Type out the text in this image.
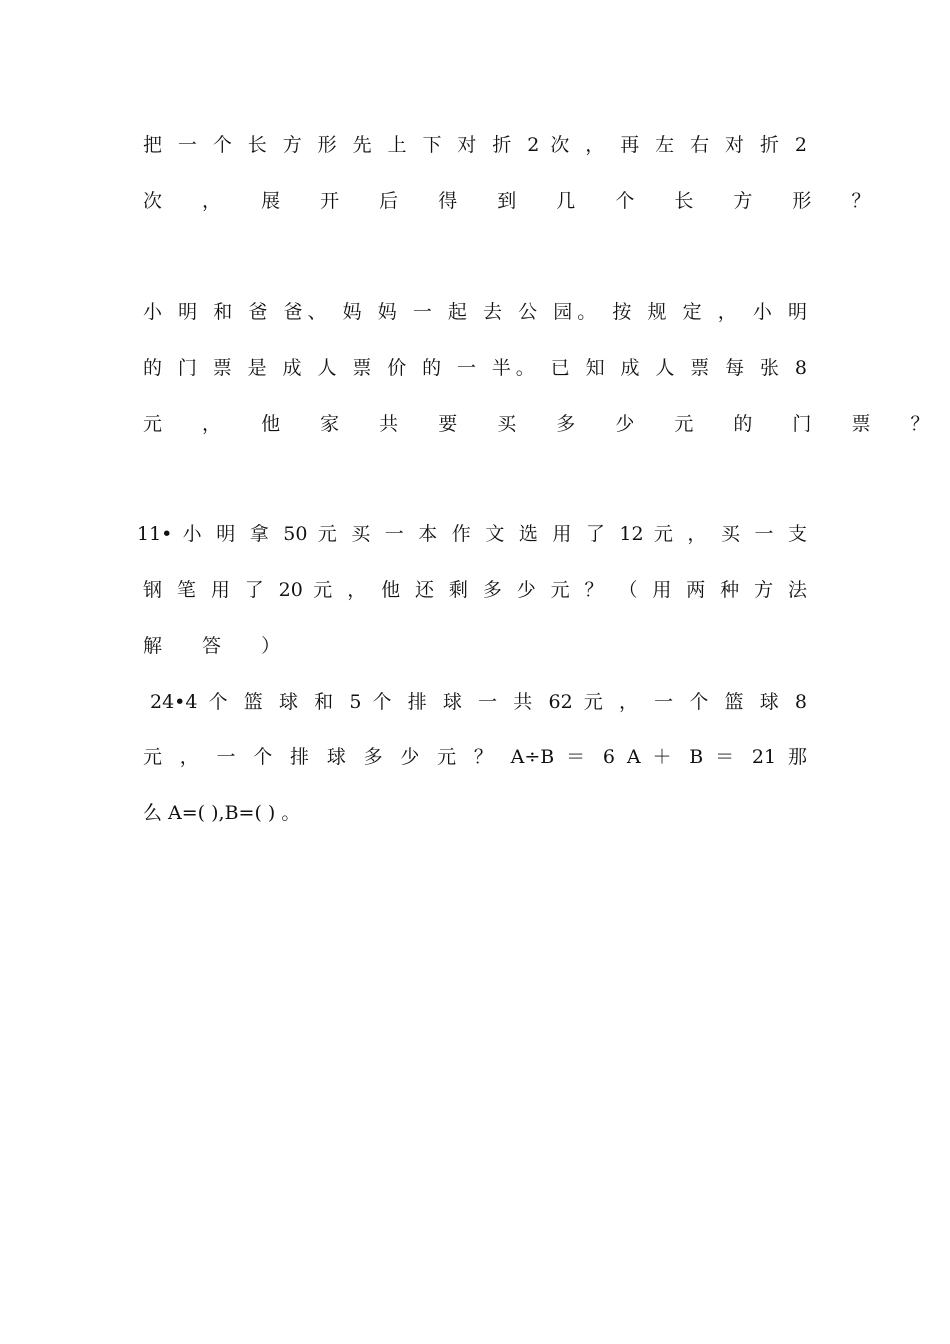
把 一 个 长 方 形 先 上 下 对 折 2 次 ， 再 左 右 对 折 2
次 ， 展 开 后 得 到 几 个 长 方 形 ？
小 明 和 爸 爸、 妈 妈 一 起 去 公 园。 按 规 定 ， 小 明
的 门 票 是 成 人 票 价 的 一 半。 已 知 成 人 票 每 张 8
元 ， 他 家 共 要 买 多 少 元 的 门 票 ？
11• 小 明 拿 50 元 买 一 本 作 文 选 用 了 12 元 ， 买 一 支
钢 笔 用 了 20 元 ， 他 还 剩 多 少 元 ？ （ 用 两 种 方 法
解 答 ）
24•4 个 篮 球 和 5 个 排 球 一 共 62 元 ， 一 个 篮 球 8
元 ， 一 个 排 球 多 少 元 ？ A÷B ＝ 6 A ＋ B ＝ 21 那
么 A=( ),B=( ) 。
